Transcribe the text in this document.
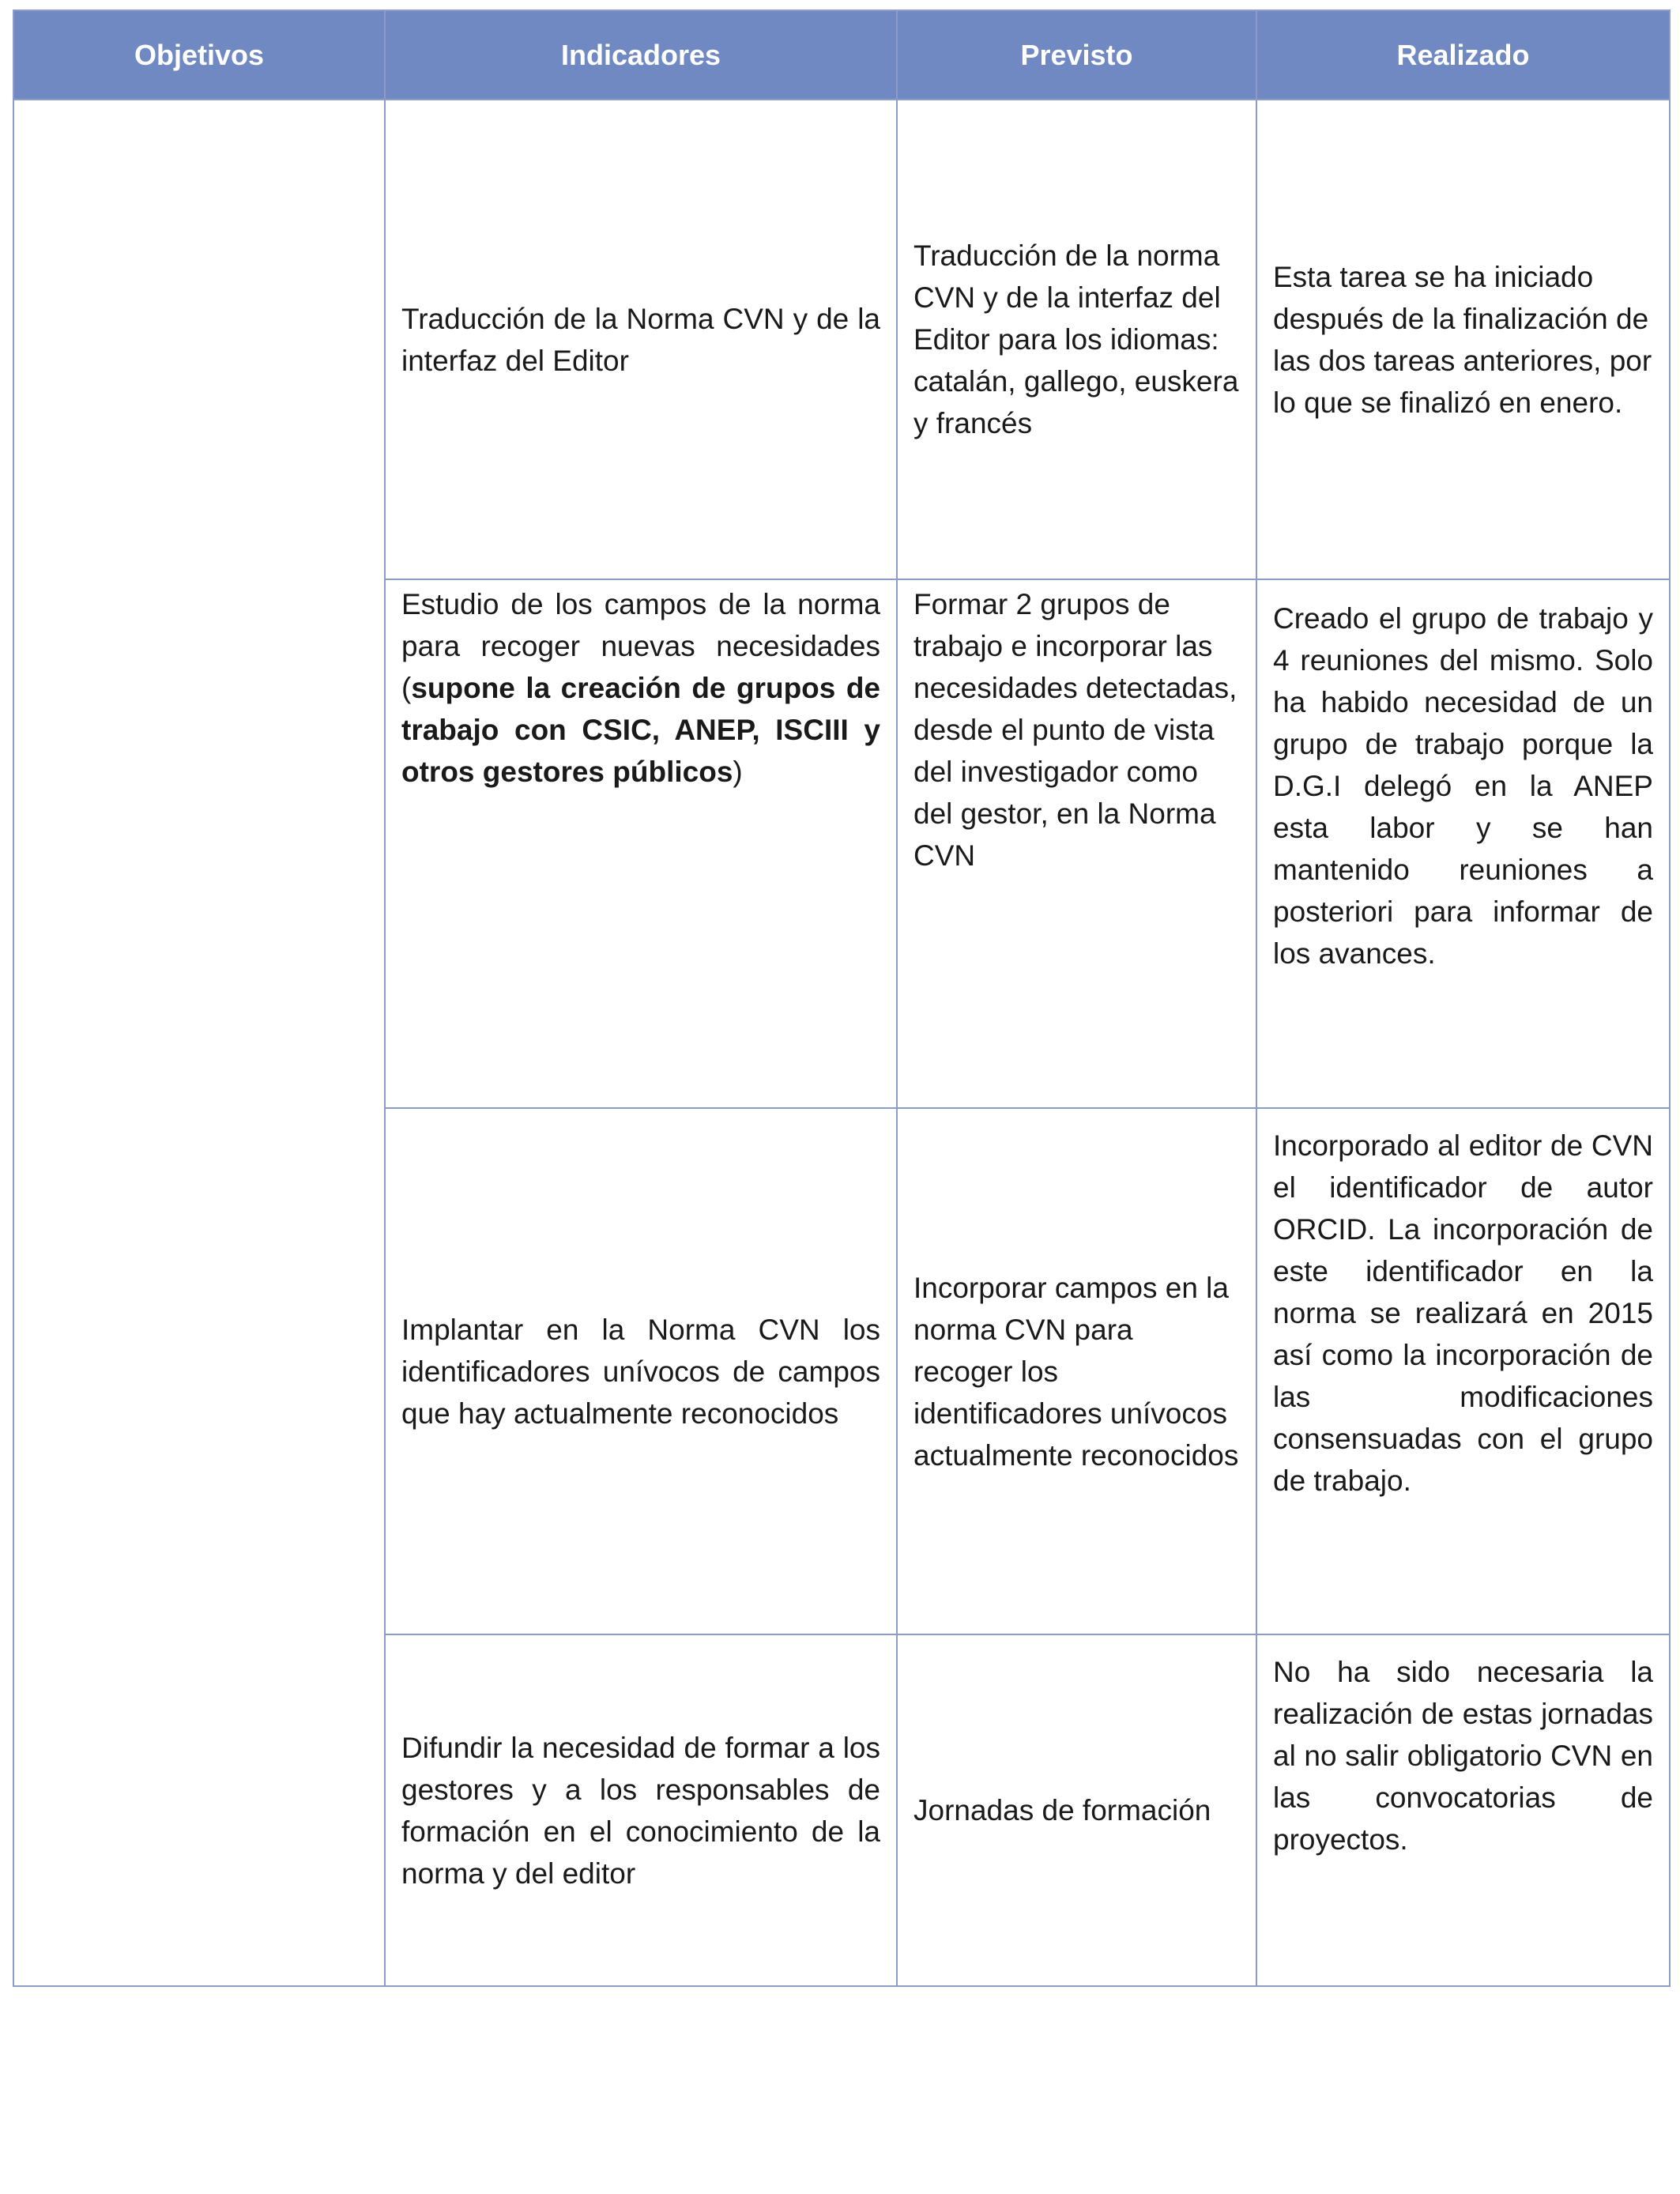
Objetivos	Indicadores	Previsto	Realizado
	Traducción de la Norma CVN y de la interfaz del Editor	Traducción de la norma CVN y de la interfaz del Editor para los idiomas: catalán, gallego, euskera y francés	Esta tarea se ha iniciado después de la finalización de las dos tareas anteriores, por lo que se finalizó en enero.
	Estudio de los campos de la norma para recoger nuevas necesidades (supone la creación de grupos de trabajo con CSIC, ANEP, ISCIII y otros gestores públicos)	Formar 2 grupos de trabajo e incorporar las necesidades detectadas, desde el punto de vista del investigador como del gestor, en la Norma CVN	Creado el grupo de trabajo y 4 reuniones del mismo. Solo ha habido necesidad de un grupo de trabajo porque la D.G.I delegó en la ANEP esta labor y se han mantenido reuniones a posteriori para informar de los avances.
	Implantar en la Norma CVN los identificadores unívocos de campos que hay actualmente reconocidos	Incorporar campos en la norma CVN para recoger los identificadores unívocos actualmente reconocidos	Incorporado al editor de CVN el identificador de autor ORCID. La incorporación de este identificador en la norma se realizará en 2015 así como la incorporación de las modificaciones consensuadas con el grupo de trabajo.
	Difundir la necesidad de formar a los gestores y a los responsables de formación en el conocimiento de la norma y del editor	Jornadas de formación	No ha sido necesaria la realización de estas jornadas al no salir obligatorio CVN en las convocatorias de proyectos.
